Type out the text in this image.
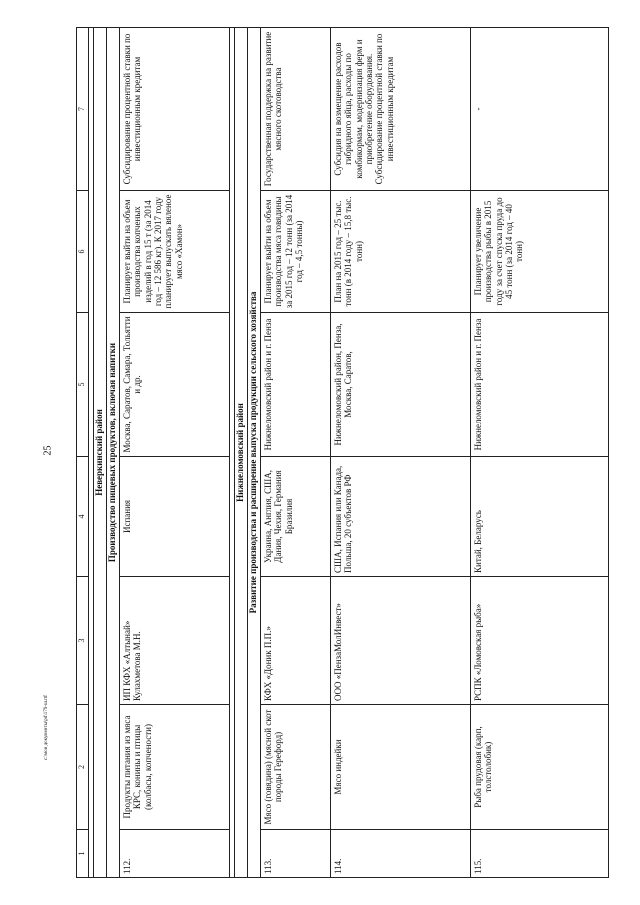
25
1	2	3	4	5	6	7

Неверкинский район						
Производство пищевых продуктов, включая напитки						
112.	Продукты питания из мяса КРС, конины и птицы (колбасы, копчености)	ИП КФХ «Алтынай» Кулахметова М.Н.	Испания	Москва, Саратов, Самара, Тольятти и др.	Планирует выйти на объем производства копченых изделий в год 15 т (за 2014 год – 12 586 кг). К 2017 году планирует выпускать вяленое мясо «Хамон»	Субсидирование процентной ставки по инвестиционным кредитам

Нижнеломовский район						
Развитие производства и расширение выпуска продукции сельского хозяйства						
113.	Мясо (говядина) (мясной скот породы Герефорд)	КФХ «Доник П.П.»	Украина, Англия, США, Дания, Чехия, Германия Бразилия	Нижнеломовский район и г. Пенза	Планирует выйти на объем производства мяса говядины за 2015 год – 12 тонн (за 2014 год – 4,5 тонны)	Государственная поддержка на развитие мясного скотоводства
114.	Мясо индейки	ООО «ПензаМолИнвест»	США, Испания или Канада, Польша, 20 субъектов РФ	Нижнеломовский район, Пенза, Москва, Саратов,	План на 2015 год – 25 тыс. тонн (в 2014 году – 15,8 тыс. тонн)	Субсидия на возмещение расходов гибридного яйца, расходы по комбикормам, модернизация ферм и приобретение оборудования. Субсидирование процентной ставки по инвестиционным кредитам
115.	Рыба прудовая (карп, толстолобик)	РСПК «Ломовская рыба»	Китай, Беларусь	Нижнеломовский район и г. Пенза	Планирует увеличение производства рыбы в 2015 году за счет спуска пруда до 45 тонн (за 2014 год – 40 тонн)	-
c:\мои документы\pd\179-ш.rtf
